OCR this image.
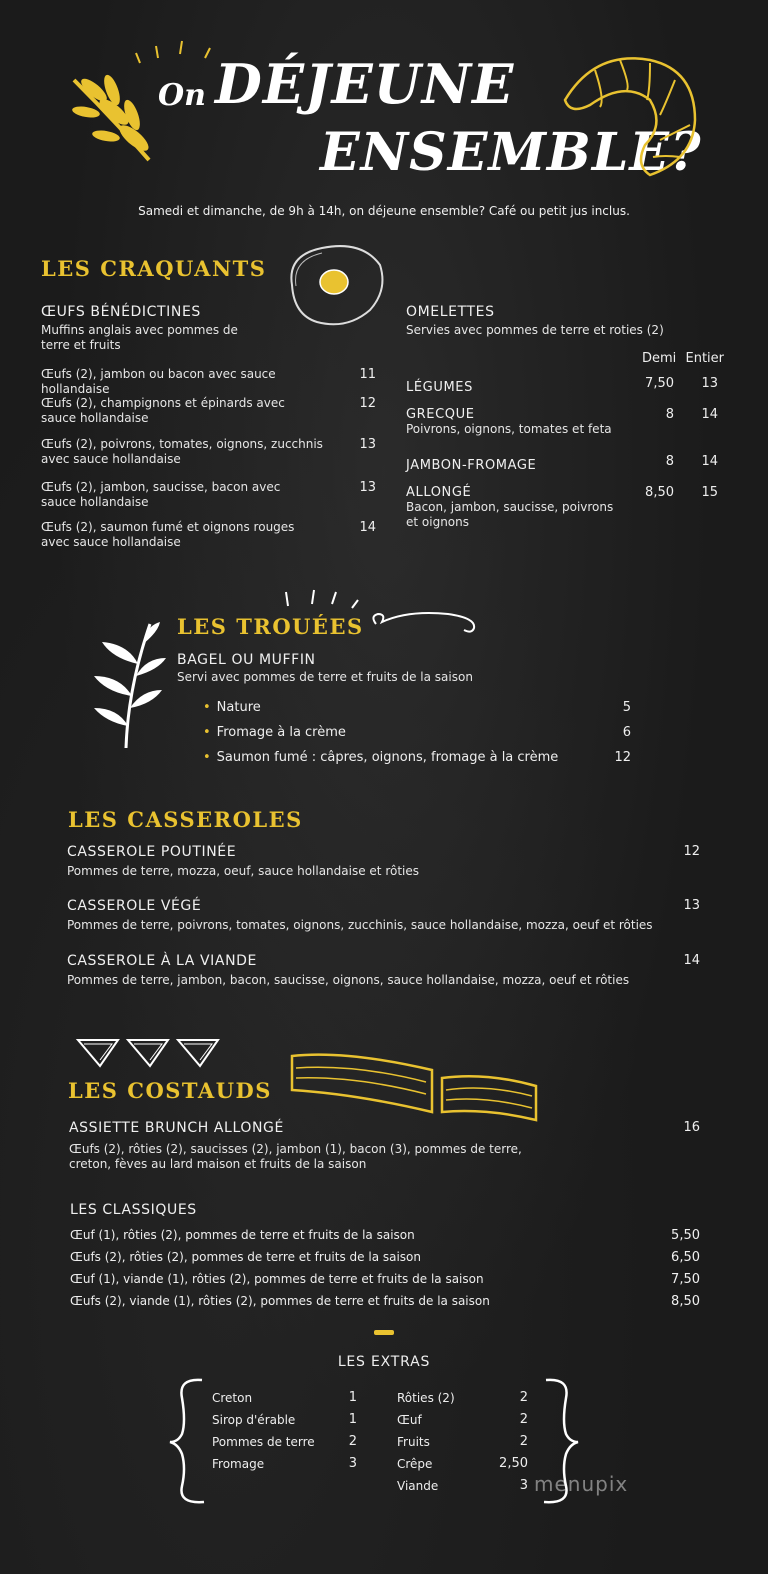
On DÉJEUNE
ENSEMBLE?
Samedi et dimanche, de 9h à 14h, on déjeune ensemble? Café ou petit jus inclus.
LES CRAQUANTS
ŒUFS BÉNÉDICTINES
Muffins anglais avec pommes de terre et fruits
Œufs (2), jambon ou bacon avec sauce hollandaise
11
Œufs (2), champignons et épinards avec sauce hollandaise
12
Œufs (2), poivrons, tomates, oignons, zucchnis avec sauce hollandaise
13
Œufs (2), jambon, saucisse, bacon avec sauce hollandaise
13
Œufs (2), saumon fumé et oignons rouges avec sauce hollandaise
14
OMELETTES
Servies avec pommes de terre et roties (2)
Demi Entier
LÉGUMES	7,50	13
GRECQUE
Poivrons, oignons, tomates et feta
8	14
JAMBON-FROMAGE	8	14
ALLONGÉ
Bacon, jambon, saucisse, poivrons et oignons
8,50	15
LES TROUÉES
BAGEL OU MUFFIN
Servi avec pommes de terre et fruits de la saison
• Nature	5
• Fromage à la crème	6
• Saumon fumé : câpres, oignons, fromage à la crème	12
LES CASSEROLES
CASSEROLE POUTINÉE
Pommes de terre, mozza, oeuf, sauce hollandaise et rôties
12
CASSEROLE VÉGÉ
Pommes de terre, poivrons, tomates, oignons, zucchinis, sauce hollandaise, mozza, oeuf et rôties
13
CASSEROLE À LA VIANDE
Pommes de terre, jambon, bacon, saucisse, oignons, sauce hollandaise, mozza, oeuf et rôties
14
LES COSTAUDS
ASSIETTE BRUNCH ALLONGÉ
Œufs (2), rôties (2), saucisses (2), jambon (1), bacon (3), pommes de terre, creton, fèves au lard maison et fruits de la saison
16
LES CLASSIQUES
Œuf (1), rôties (2), pommes de terre et fruits de la saison	5,50
Œufs (2), rôties (2), pommes de terre et fruits de la saison	6,50
Œuf (1), viande (1), rôties (2), pommes de terre et fruits de la saison	7,50
Œufs (2), viande (1), rôties (2), pommes de terre et fruits de la saison	8,50
LES EXTRAS
Creton	1
Sirop d'érable	1
Pommes de terre	2
Fromage	3
Rôties (2)	2
Œuf	2
Fruits	2
Crêpe	2,50
Viande	3 menupix
